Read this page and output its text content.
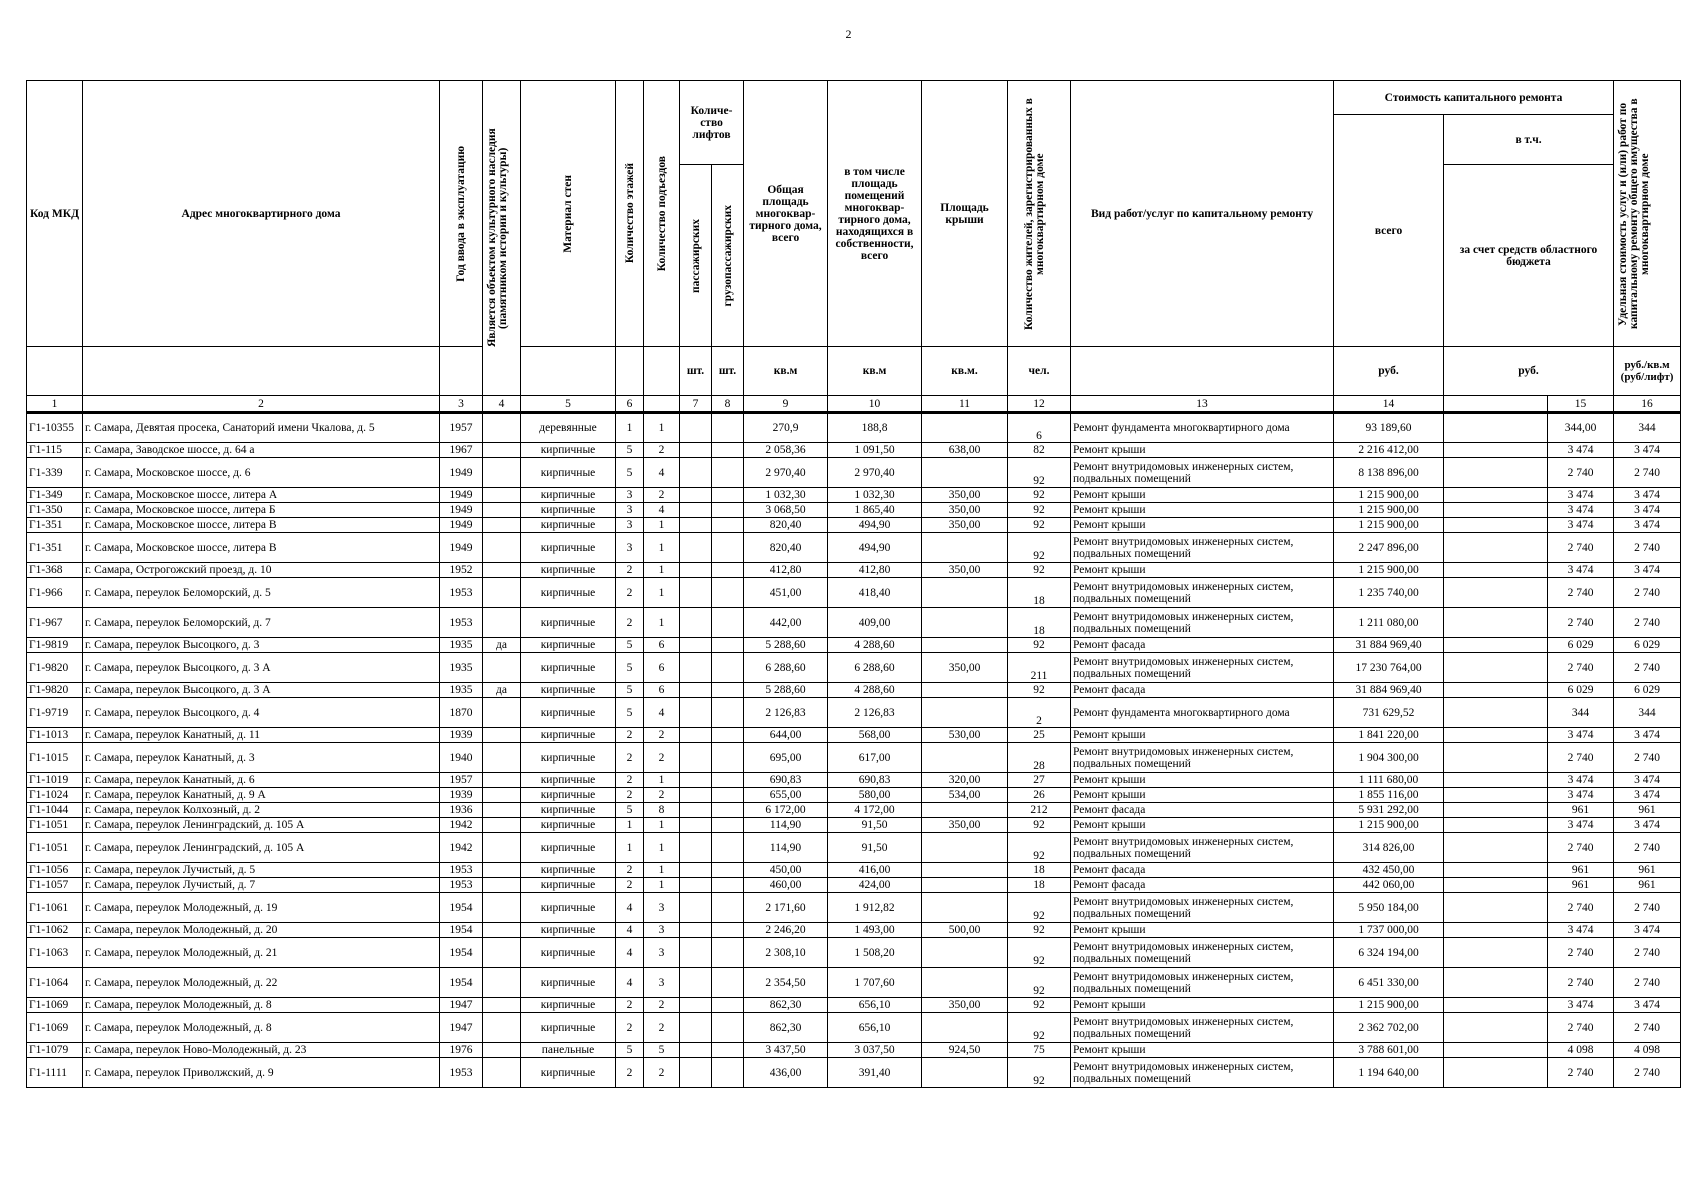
2
Код МКД	Адрес многоквартирного дома	Год ввода в эксплуатацию	Является объектом культурного наследия (памятником истории и культуры)	Материал стен	Количество этажей	Количество подъездов	Количе-ство лифтов		Общая площадь многоквар-тирного дома, всего	в том числе площадь помещений многоквар-тирного дома, находящихся в собственности, всего	Площадь крыши	Количество жителей, зарегистрированных в многоквартирном доме	Вид работ/услуг по капитальному ремонту	Стоимость капитального ремонта			Удельная стоимость услуг и (или) работ по капитальному ремонту общего имущества в многоквартирном доме

														всего	в т.ч.			

							пассажирских	грузопассажирских							за счет средств областного бюджета			
							шт.	шт.	кв.м	кв.м	кв.м.	чел.		руб.	руб.		руб./кв.м (руб/лифт)	
1	2	3	4	5	6		7	8	9	10	11	12	13	14		15	16	
Г1-10355	г. Самара, Девятая просека, Санаторий имени Чкалова, д. 5	1957		деревянные	1	1			270,9	188,8		6	Ремонт фундамента многоквартирного дома	93 189,60		344,00	344	
Г1-115	г. Самара, Заводское шоссе, д. 64 а	1967		кирпичные	5	2			2 058,36	1 091,50	638,00	82	Ремонт крыши	2 216 412,00		3 474	3 474	
Г1-339	г. Самара, Московское шоссе, д. 6	1949		кирпичные	5	4			2 970,40	2 970,40		92	Ремонт внутридомовых инженерных систем, подвальных помещений	8 138 896,00		2 740	2 740	
Г1-349	г. Самара, Московское шоссе, литера А	1949		кирпичные	3	2			1 032,30	1 032,30	350,00	92	Ремонт крыши	1 215 900,00		3 474	3 474	
Г1-350	г. Самара, Московское шоссе, литера Б	1949		кирпичные	3	4			3 068,50	1 865,40	350,00	92	Ремонт крыши	1 215 900,00		3 474	3 474	
Г1-351	г. Самара, Московское шоссе, литера В	1949		кирпичные	3	1			820,40	494,90	350,00	92	Ремонт крыши	1 215 900,00		3 474	3 474	
Г1-351	г. Самара, Московское шоссе, литера В	1949		кирпичные	3	1			820,40	494,90		92	Ремонт внутридомовых инженерных систем, подвальных помещений	2 247 896,00		2 740	2 740	
Г1-368	г. Самара, Острогожский проезд, д. 10	1952		кирпичные	2	1			412,80	412,80	350,00	92	Ремонт крыши	1 215 900,00		3 474	3 474	
Г1-966	г. Самара, переулок Беломорский, д. 5	1953		кирпичные	2	1			451,00	418,40		18	Ремонт внутридомовых инженерных систем, подвальных помещений	1 235 740,00		2 740	2 740	
Г1-967	г. Самара, переулок Беломорский, д. 7	1953		кирпичные	2	1			442,00	409,00		18	Ремонт внутридомовых инженерных систем, подвальных помещений	1 211 080,00		2 740	2 740	
Г1-9819	г. Самара, переулок Высоцкого, д. 3	1935	да	кирпичные	5	6			5 288,60	4 288,60		92	Ремонт фасада	31 884 969,40		6 029	6 029	
Г1-9820	г. Самара, переулок Высоцкого, д. 3 А	1935		кирпичные	5	6			6 288,60	6 288,60	350,00	211	Ремонт внутридомовых инженерных систем, подвальных помещений	17 230 764,00		2 740	2 740	
Г1-9820	г. Самара, переулок Высоцкого, д. 3 А	1935	да	кирпичные	5	6			5 288,60	4 288,60		92	Ремонт фасада	31 884 969,40		6 029	6 029	
Г1-9719	г. Самара, переулок Высоцкого, д. 4	1870		кирпичные	5	4			2 126,83	2 126,83		2	Ремонт фундамента многоквартирного дома	731 629,52		344	344	
Г1-1013	г. Самара, переулок Канатный, д. 11	1939		кирпичные	2	2			644,00	568,00	530,00	25	Ремонт крыши	1 841 220,00		3 474	3 474	
Г1-1015	г. Самара, переулок Канатный, д. 3	1940		кирпичные	2	2			695,00	617,00		28	Ремонт внутридомовых инженерных систем, подвальных помещений	1 904 300,00		2 740	2 740	
Г1-1019	г. Самара, переулок Канатный, д. 6	1957		кирпичные	2	1			690,83	690,83	320,00	27	Ремонт крыши	1 111 680,00		3 474	3 474	
Г1-1024	г. Самара, переулок Канатный, д. 9 А	1939		кирпичные	2	2			655,00	580,00	534,00	26	Ремонт крыши	1 855 116,00		3 474	3 474	
Г1-1044	г. Самара, переулок Колхозный, д. 2	1936		кирпичные	5	8			6 172,00	4 172,00		212	Ремонт фасада	5 931 292,00		961	961	
Г1-1051	г. Самара, переулок Ленинградский, д. 105 А	1942		кирпичные	1	1			114,90	91,50	350,00	92	Ремонт крыши	1 215 900,00		3 474	3 474	
Г1-1051	г. Самара, переулок Ленинградский, д. 105 А	1942		кирпичные	1	1			114,90	91,50		92	Ремонт внутридомовых инженерных систем, подвальных помещений	314 826,00		2 740	2 740	
Г1-1056	г. Самара, переулок Лучистый, д. 5	1953		кирпичные	2	1			450,00	416,00		18	Ремонт фасада	432 450,00		961	961	
Г1-1057	г. Самара, переулок Лучистый, д. 7	1953		кирпичные	2	1			460,00	424,00		18	Ремонт фасада	442 060,00		961	961	
Г1-1061	г. Самара, переулок Молодежный, д. 19	1954		кирпичные	4	3			2 171,60	1 912,82		92	Ремонт внутридомовых инженерных систем, подвальных помещений	5 950 184,00		2 740	2 740	
Г1-1062	г. Самара, переулок Молодежный, д. 20	1954		кирпичные	4	3			2 246,20	1 493,00	500,00	92	Ремонт крыши	1 737 000,00		3 474	3 474	
Г1-1063	г. Самара, переулок Молодежный, д. 21	1954		кирпичные	4	3			2 308,10	1 508,20		92	Ремонт внутридомовых инженерных систем, подвальных помещений	6 324 194,00		2 740	2 740	
Г1-1064	г. Самара, переулок Молодежный, д. 22	1954		кирпичные	4	3			2 354,50	1 707,60		92	Ремонт внутридомовых инженерных систем, подвальных помещений	6 451 330,00		2 740	2 740	
Г1-1069	г. Самара, переулок Молодежный, д. 8	1947		кирпичные	2	2			862,30	656,10	350,00	92	Ремонт крыши	1 215 900,00		3 474	3 474	
Г1-1069	г. Самара, переулок Молодежный, д. 8	1947		кирпичные	2	2			862,30	656,10		92	Ремонт внутридомовых инженерных систем, подвальных помещений	2 362 702,00		2 740	2 740	
Г1-1079	г. Самара, переулок Ново-Молодежный, д. 23	1976		панельные	5	5			3 437,50	3 037,50	924,50	75	Ремонт крыши	3 788 601,00		4 098	4 098	
Г1-1111	г. Самара, переулок Приволжский, д. 9	1953		кирпичные	2	2			436,00	391,40		92	Ремонт внутридомовых инженерных систем, подвальных помещений	1 194 640,00		2 740	2 740	
